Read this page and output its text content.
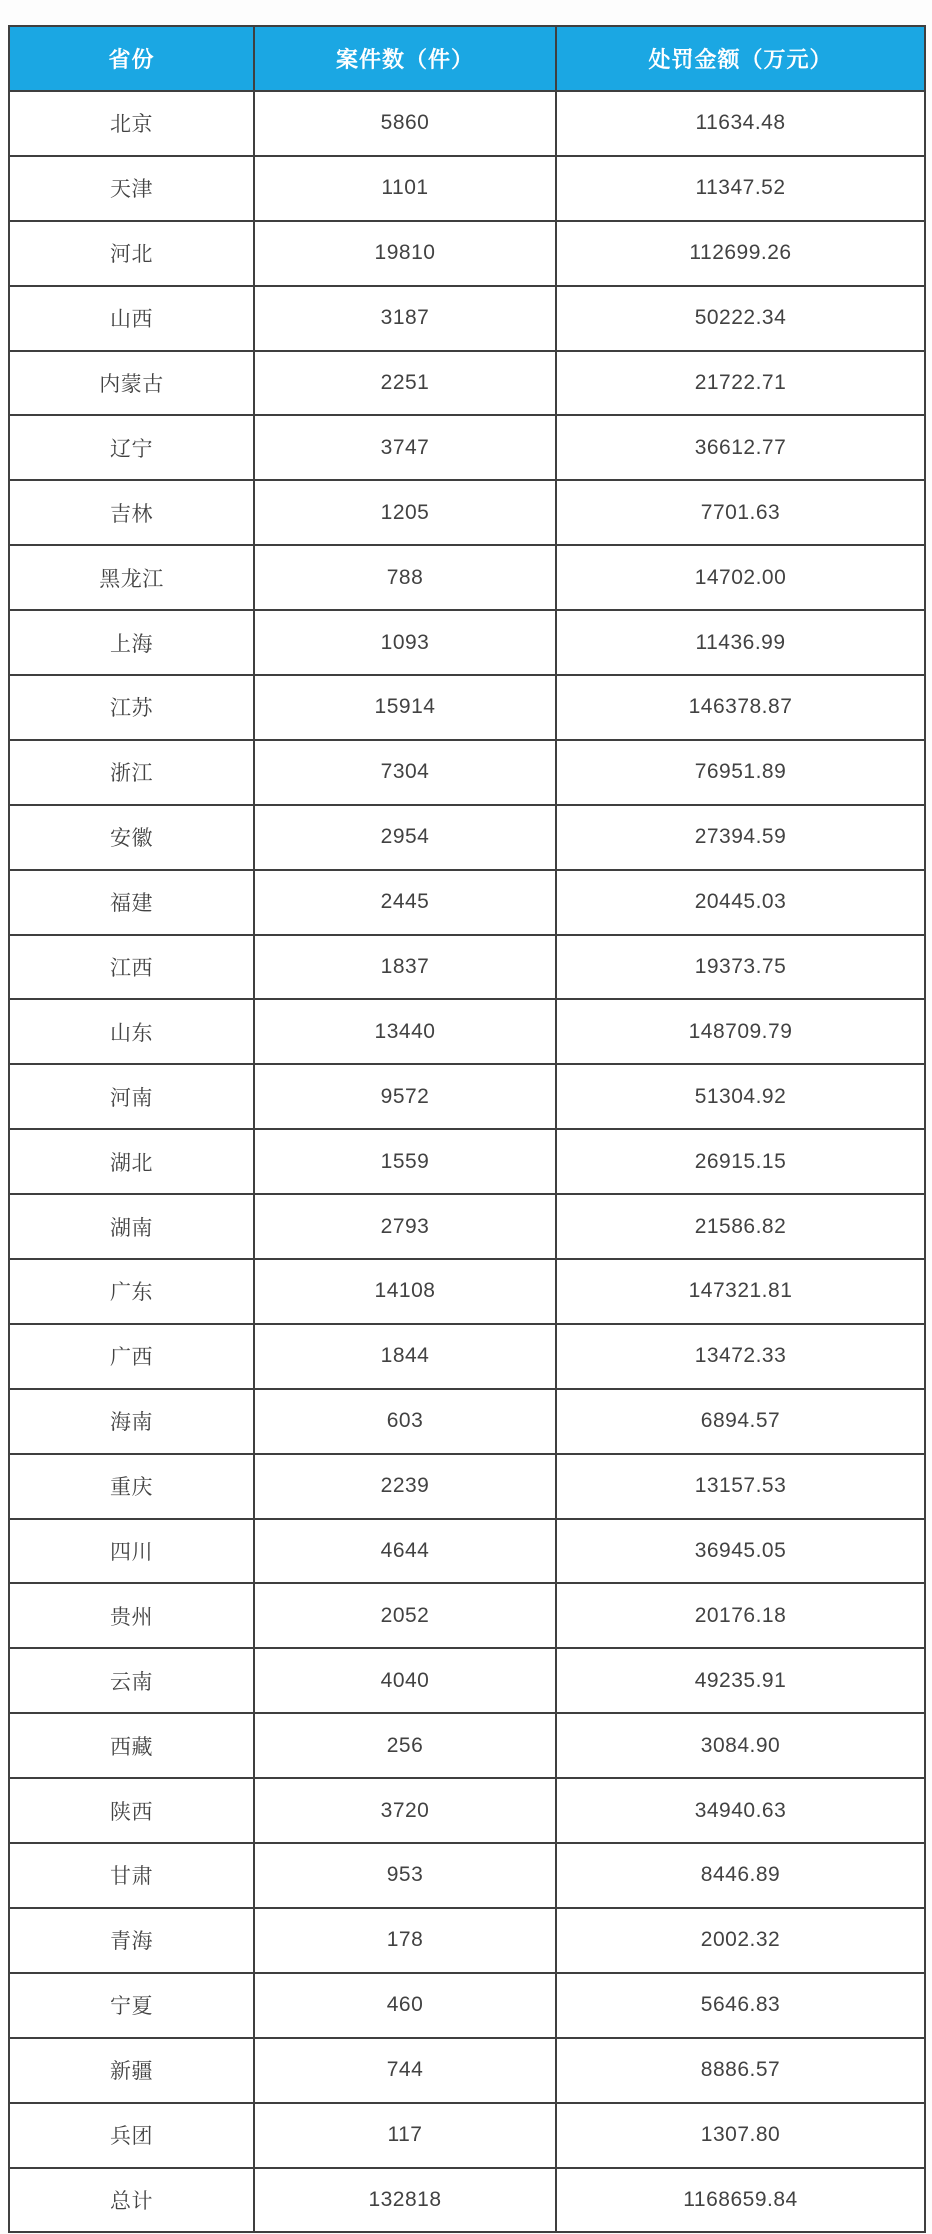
省份	案件数（件）	处罚金额（万元）
北京	5860	11634.48
天津	1101	11347.52
河北	19810	112699.26
山西	3187	50222.34
内蒙古	2251	21722.71
辽宁	3747	36612.77
吉林	1205	7701.63
黑龙江	788	14702.00
上海	1093	11436.99
江苏	15914	146378.87
浙江	7304	76951.89
安徽	2954	27394.59
福建	2445	20445.03
江西	1837	19373.75
山东	13440	148709.79
河南	9572	51304.92
湖北	1559	26915.15
湖南	2793	21586.82
广东	14108	147321.81
广西	1844	13472.33
海南	603	6894.57
重庆	2239	13157.53
四川	4644	36945.05
贵州	2052	20176.18
云南	4040	49235.91
西藏	256	3084.90
陕西	3720	34940.63
甘肃	953	8446.89
青海	178	2002.32
宁夏	460	5646.83
新疆	744	8886.57
兵团	117	1307.80
总计	132818	1168659.84
